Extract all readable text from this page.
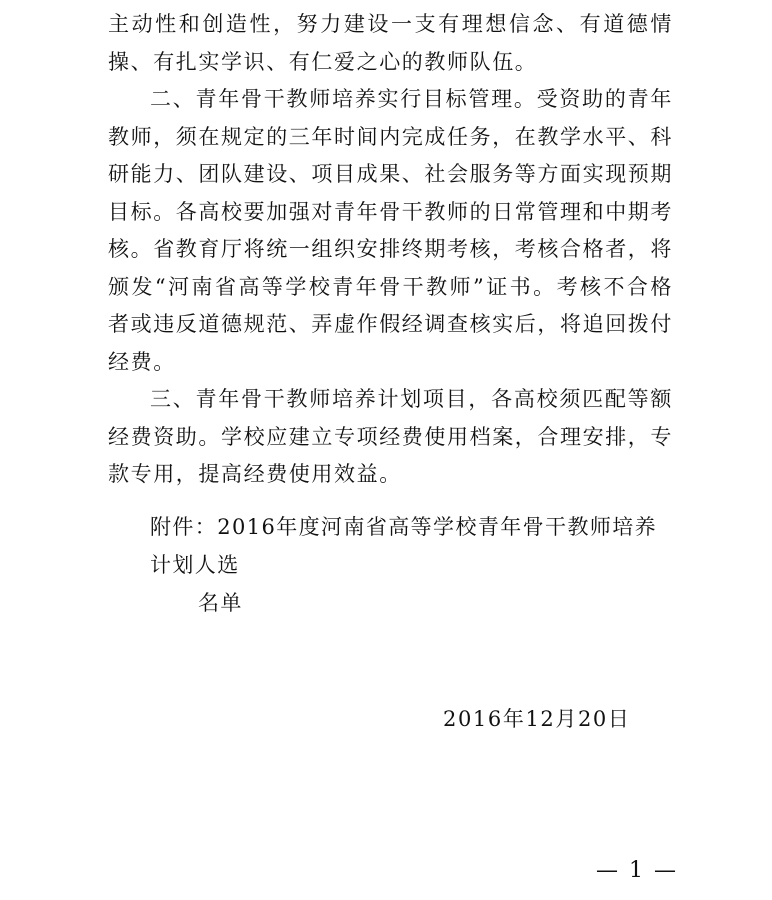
主动性和创造性，努力建设一支有理想信念、有道德情操、有扎实学识、有仁爱之心的教师队伍。

二、青年骨干教师培养实行目标管理。受资助的青年教师，须在规定的三年时间内完成任务，在教学水平、科研能力、团队建设、项目成果、社会服务等方面实现预期目标。各高校要加强对青年骨干教师的日常管理和中期考核。省教育厅将统一组织安排终期考核，考核合格者，将颁发“河南省高等学校青年骨干教师”证书。考核不合格者或违反道德规范、弄虚作假经调查核实后，将追回拨付经费。

三、青年骨干教师培养计划项目，各高校须匹配等额经费资助。学校应建立专项经费使用档案，合理安排，专款专用，提高经费使用效益。

附件：2016年度河南省高等学校青年骨干教师培养计划人选
名单
2016年12月20日
— 1 —
